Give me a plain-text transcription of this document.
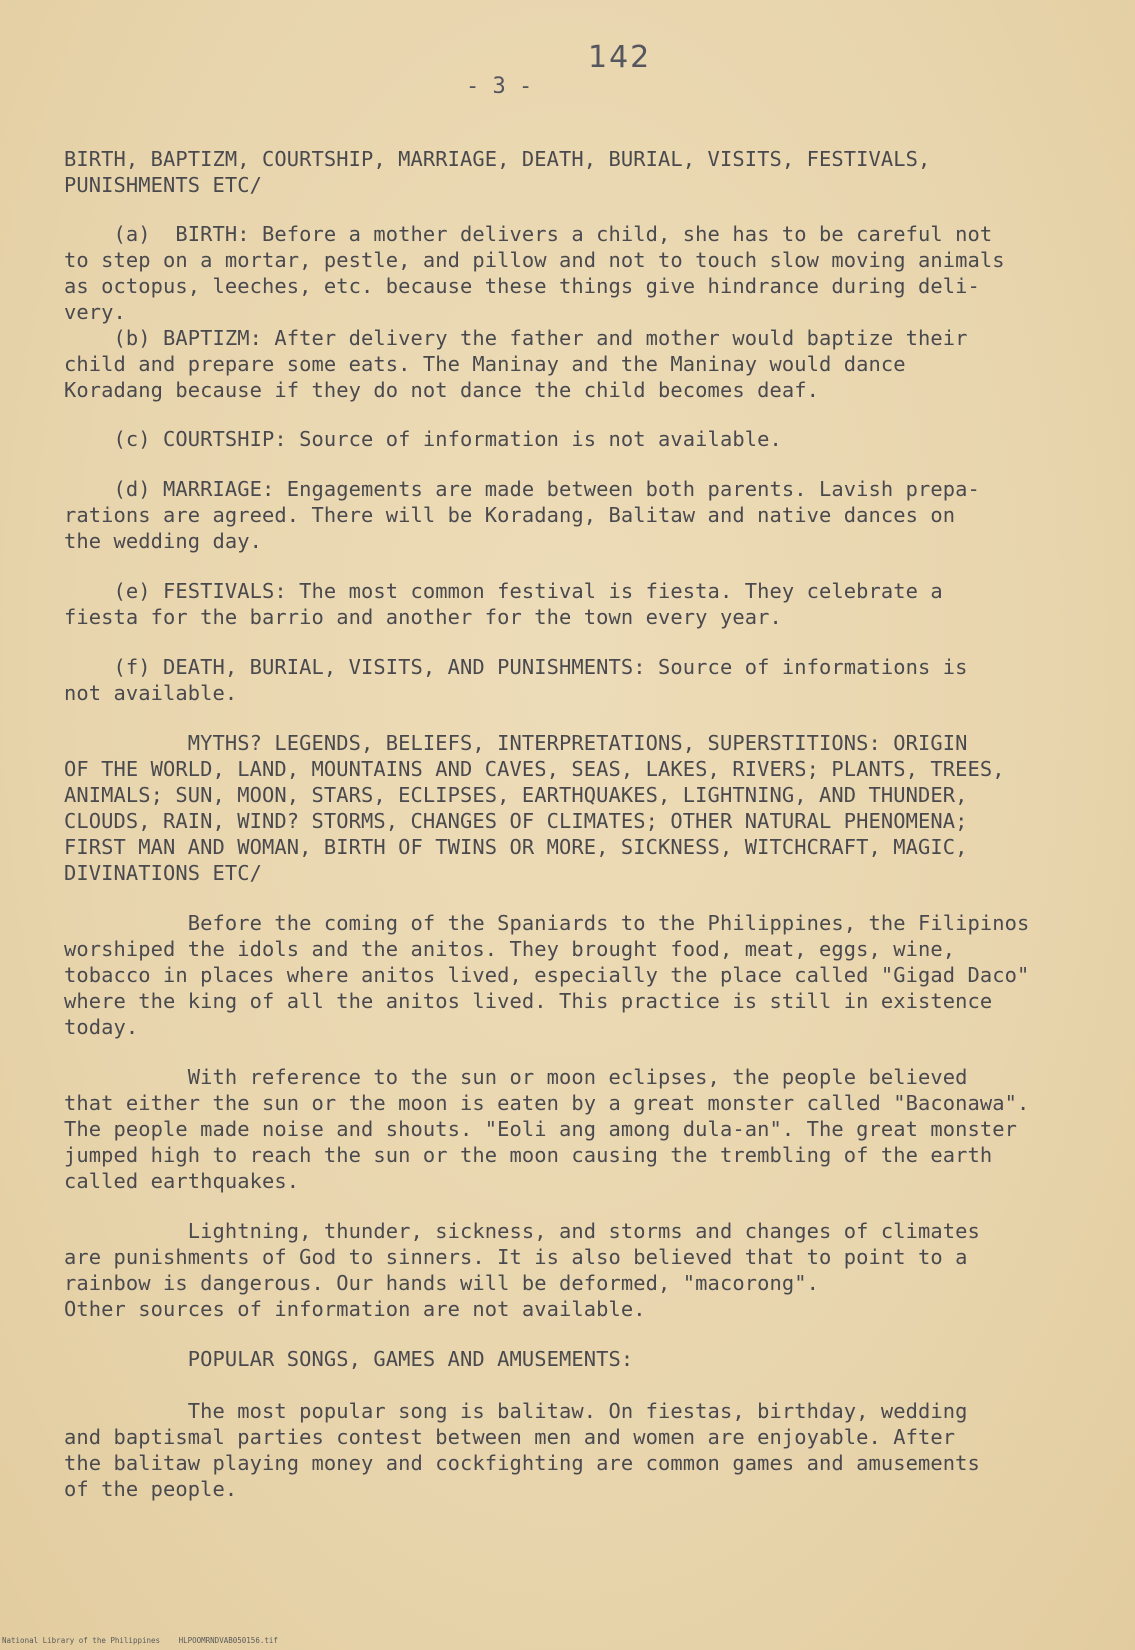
142
- 3 -
BIRTH, BAPTIZM, COURTSHIP, MARRIAGE, DEATH, BURIAL, VISITS, FESTIVALS,
PUNISHMENTS ETC/
(a)  BIRTH: Before a mother delivers a child, she has to be careful not
to step on a mortar, pestle, and pillow and not to touch slow moving animals
as octopus, leeches, etc. because these things give hindrance during deli-
very.
(b) BAPTIZM: After delivery the father and mother would baptize their
child and prepare some eats. The Maninay and the Maninay would dance
Koradang because if they do not dance the child becomes deaf.
(c) COURTSHIP: Source of information is not available.
(d) MARRIAGE: Engagements are made between both parents. Lavish prepa-
rations are agreed. There will be Koradang, Balitaw and native dances on
the wedding day.
(e) FESTIVALS: The most common festival is fiesta. They celebrate a
fiesta for the barrio and another for the town every year.
(f) DEATH, BURIAL, VISITS, AND PUNISHMENTS: Source of informations is
not available.
MYTHS? LEGENDS, BELIEFS, INTERPRETATIONS, SUPERSTITIONS: ORIGIN
OF THE WORLD, LAND, MOUNTAINS AND CAVES, SEAS, LAKES, RIVERS; PLANTS, TREES,
ANIMALS; SUN, MOON, STARS, ECLIPSES, EARTHQUAKES, LIGHTNING, AND THUNDER,
CLOUDS, RAIN, WIND? STORMS, CHANGES OF CLIMATES; OTHER NATURAL PHENOMENA;
FIRST MAN AND WOMAN, BIRTH OF TWINS OR MORE, SICKNESS, WITCHCRAFT, MAGIC,
DIVINATIONS ETC/
Before the coming of the Spaniards to the Philippines, the Filipinos
worshiped the idols and the anitos. They brought food, meat, eggs, wine,
tobacco in places where anitos lived, especially the place called "Gigad Daco"
where the king of all the anitos lived. This practice is still in existence
today.
With reference to the sun or moon eclipses, the people believed
that either the sun or the moon is eaten by a great monster called "Baconawa".
The people made noise and shouts. "Eoli ang among dula-an". The great monster
jumped high to reach the sun or the moon causing the trembling of the earth
called earthquakes.
Lightning, thunder, sickness, and storms and changes of climates
are punishments of God to sinners. It is also believed that to point to a
rainbow is dangerous. Our hands will be deformed, "macorong".
Other sources of information are not available.
POPULAR SONGS, GAMES AND AMUSEMENTS:
The most popular song is balitaw. On fiestas, birthday, wedding
and baptismal parties contest between men and women are enjoyable. After
the balitaw playing money and cockfighting are common games and amusements
of the people.
National Library of the Philippines HLPOOMRNDVAB050156.tif
